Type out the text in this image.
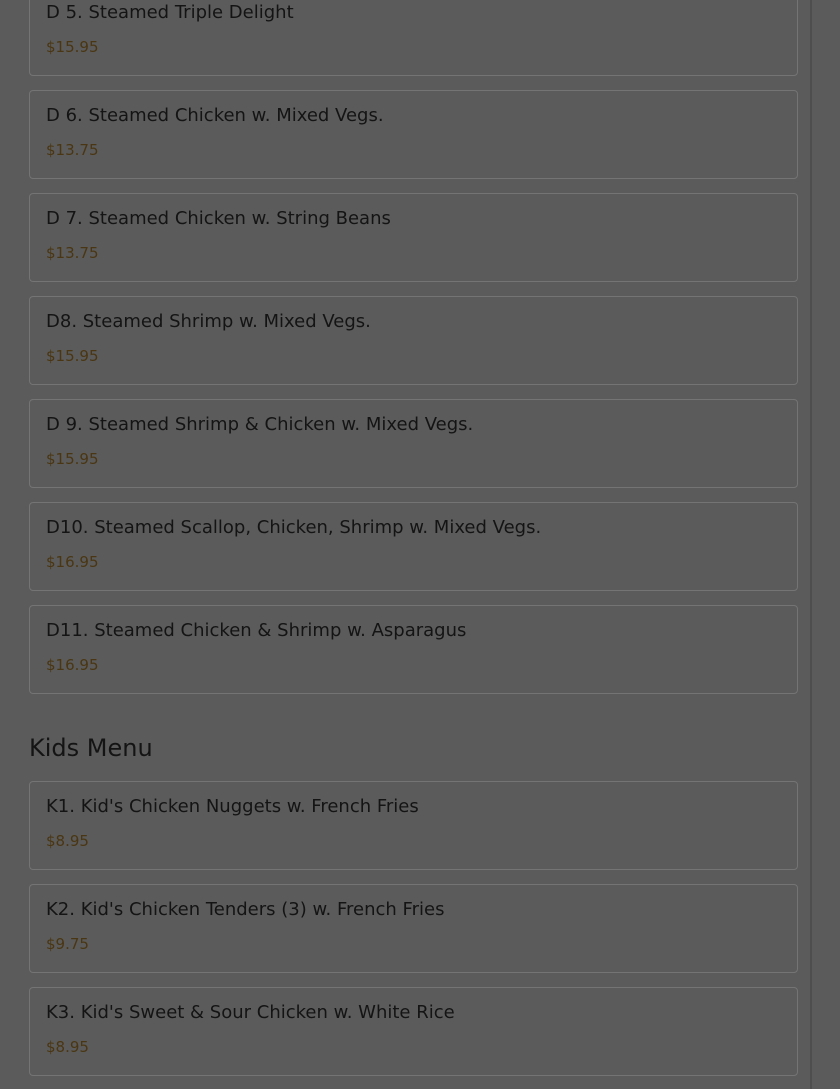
D 5. Steamed Triple Delight
$15.95
D 6. Steamed Chicken w. Mixed Vegs.
$13.75
D 7. Steamed Chicken w. String Beans
$13.75
D8. Steamed Shrimp w. Mixed Vegs.
$15.95
D 9. Steamed Shrimp & Chicken w. Mixed Vegs.
$15.95
D10. Steamed Scallop, Chicken, Shrimp w. Mixed Vegs.
$16.95
D11. Steamed Chicken & Shrimp w. Asparagus
$16.95
Kids Menu
K1. Kid's Chicken Nuggets w. French Fries
$8.95
K2. Kid's Chicken Tenders (3) w. French Fries
$9.75
K3. Kid's Sweet & Sour Chicken w. White Rice
$8.95
